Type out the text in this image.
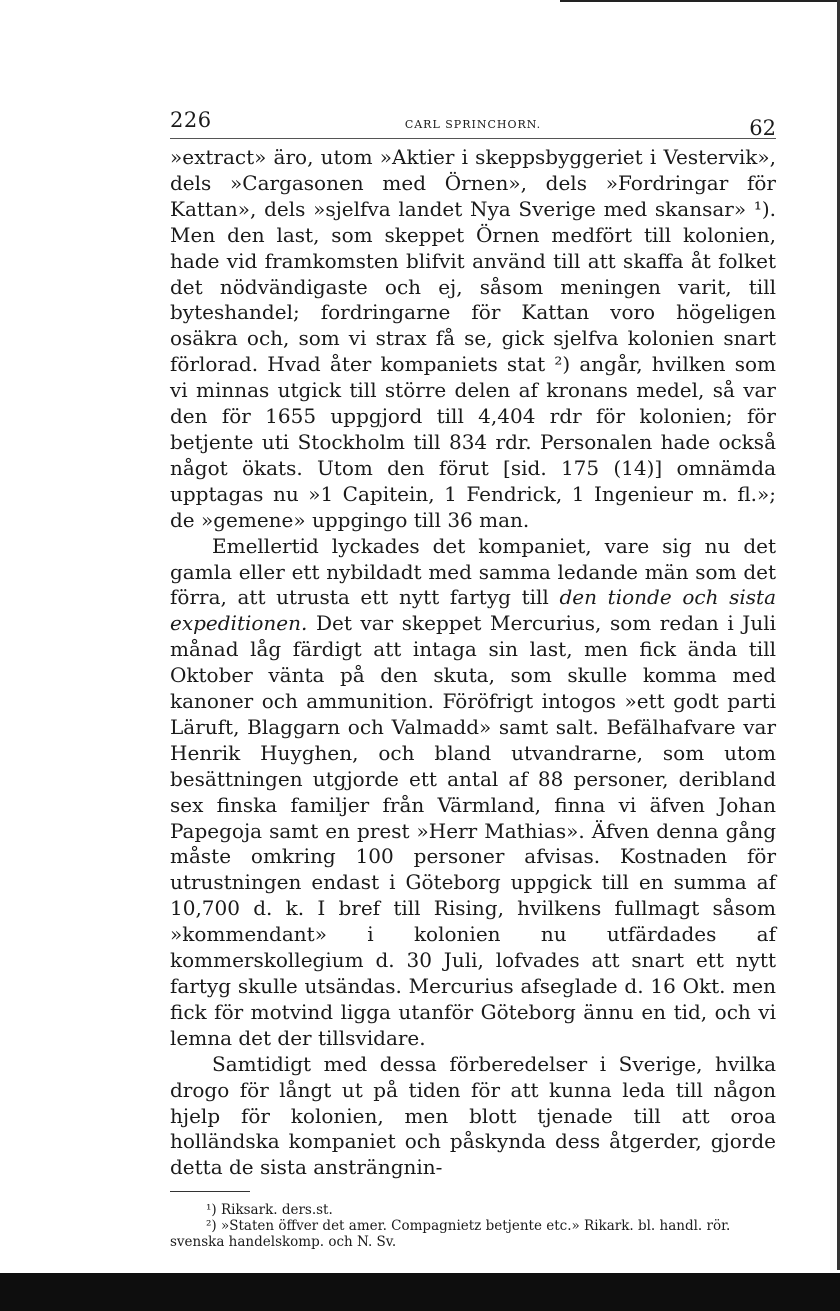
226	CARL SPRINCHORN.	62

»extract» äro, utom »Aktier i skeppsbyggeriet i Vestervik», dels »Cargasonen med Örnen», dels »Fordringar för Kattan», dels »sjelfva landet Nya Sverige med skansar» ¹). Men den last, som skeppet Örnen medfört till kolonien, hade vid framkomsten blifvit använd till att skaffa åt folket det nödvändigaste och ej, såsom meningen varit, till byteshandel; fordringarne för Kattan voro högeligen osäkra och, som vi strax få se, gick sjelfva kolonien snart förlorad. Hvad åter kompaniets stat ²) angår, hvilken som vi minnas utgick till större delen af kronans medel, så var den för 1655 uppgjord till 4,404 rdr för kolonien; för betjente uti Stockholm till 834 rdr. Personalen hade också något ökats. Utom den förut [sid. 175 (14)] omnämda upptagas nu »1 Capitein, 1 Fendrick, 1 Ingenieur m. fl.»; de »gemene» uppgingo till 36 man.

Emellertid lyckades det kompaniet, vare sig nu det gamla eller ett nybildadt med samma ledande män som det förra, att utrusta ett nytt fartyg till den tionde och sista expeditionen. Det var skeppet Mercurius, som redan i Juli månad låg färdigt att intaga sin last, men fick ända till Oktober vänta på den skuta, som skulle komma med kanoner och ammunition. Föröfrigt intogos »ett godt parti Läruft, Blaggarn och Valmadd» samt salt. Befälhafvare var Henrik Huyghen, och bland utvandrarne, som utom besättningen utgjorde ett antal af 88 personer, deribland sex finska familjer från Värmland, finna vi äfven Johan Papegoja samt en prest »Herr Mathias». Äfven denna gång måste omkring 100 personer afvisas. Kostnaden för utrustningen endast i Göteborg uppgick till en summa af 10,700 d. k. I bref till Rising, hvilkens fullmagt såsom »kommendant» i kolonien nu utfärdades af kommerskollegium d. 30 Juli, lofvades att snart ett nytt fartyg skulle utsändas. Mercurius afseglade d. 16 Okt. men fick för motvind ligga utanför Göteborg ännu en tid, och vi lemna det der tillsvidare.

Samtidigt med dessa förberedelser i Sverige, hvilka drogo för långt ut på tiden för att kunna leda till någon hjelp för kolonien, men blott tjenade till att oroa holländska kompaniet och påskynda dess åtgerder, gjorde detta de sista ansträngnin-

¹) Riksark. ders.st.

²) »Staten öffver det amer. Compagnietz betjente etc.» Rikark. bl. handl. rör. svenska handelskomp. och N. Sv.
